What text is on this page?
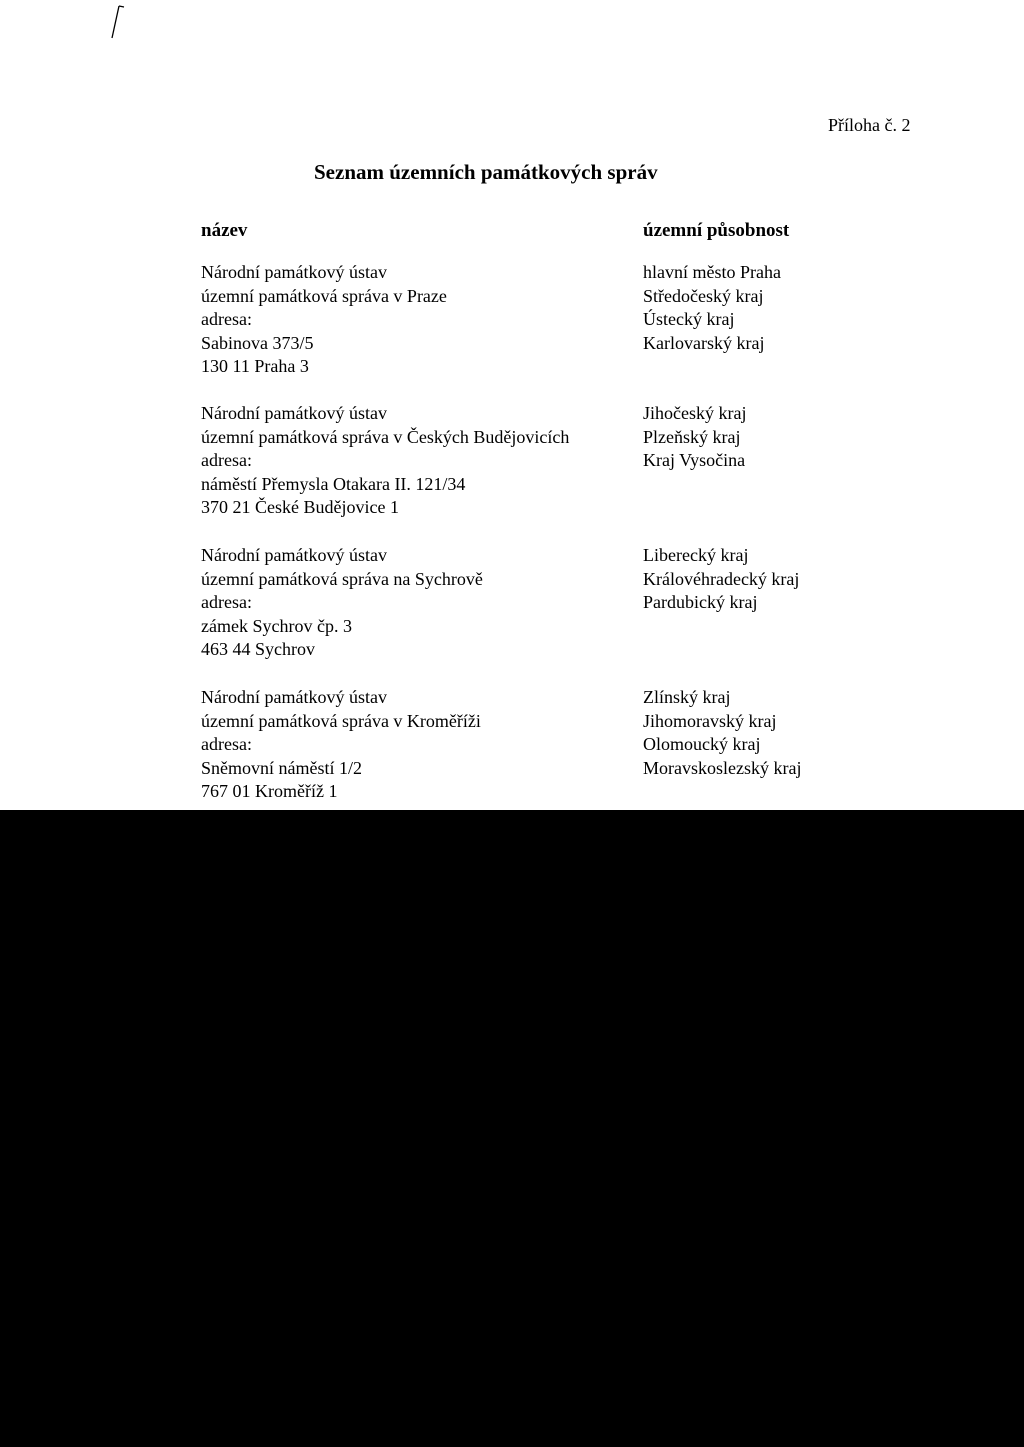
Příloha č. 2
Seznam územních památkových správ
název	územní působnost
Národní památkový ústav
územní památková správa v Praze
adresa:
Sabinova 373/5
130 11 Praha 3
hlavní město Praha
Středočeský kraj
Ústecký kraj
Karlovarský kraj
Národní památkový ústav
územní památková správa v Českých Budějovicích
adresa:
náměstí Přemysla Otakara II. 121/34
370 21 České Budějovice 1
Jihočeský kraj
Plzeňský kraj
Kraj Vysočina
Národní památkový ústav
územní památková správa na Sychrově
adresa:
zámek Sychrov čp. 3
463 44 Sychrov
Liberecký kraj
Královéhradecký kraj
Pardubický kraj
Národní památkový ústav
územní památková správa v Kroměříži
adresa:
Sněmovní náměstí 1/2
767 01 Kroměříž 1
Zlínský kraj
Jihomoravský kraj
Olomoucký kraj
Moravskoslezský kraj
